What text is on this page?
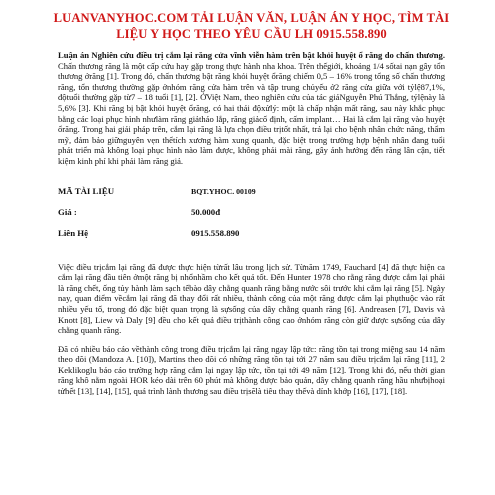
LUANVANYHOC.COM TẢI LUẬN VĂN, LUẬN ÁN Y HỌC, TÌM TÀI
LIỆU Y HỌC THEO YÊU CẦU LH 0915.558.890

Luận án Nghiên cứu điều trị cắm lại răng cửa vĩnh viễn hàm trên bật khỏi huyệt ổ răng do chấn thương. Chấn thương răng là một cấp cứu hay gặp trong thực hành nha khoa. Trên thếgiới, khoảng 1/4 sốtai nạn gây tổn thương ởrăng [1]. Trong đó, chấn thương bật răng khỏi huyệt ổrăng chiếm 0,5 – 16% trong tổng số chấn thương răng, tổn thương thường gặp ởnhóm răng cửa hàm trên và tập trung chủyếu ở2 răng cửa giữa với tỷlệ87,1%, độtuổi thường gặp từ7 – 18 tuổi [1], [2]. ỞViệt Nam, theo nghiên cứu của tác giảNguyễn Phú Thắng, tỷlệnày là 5,6% [3]. Khi răng bị bật khỏi huyệt ổrăng, có hai thái độxửlý: một là chấp nhận mất răng, sau này khắc phục bằng các loại phục hình nhưlàm răng giảtháo lắp, răng giảcố định, cấm implant… Hai là cắm lại răng vào huyệt ổrăng. Trong hai giải pháp trên, cắm lại răng là lựa chọn điều trịtốt nhất, trả lại cho bệnh nhân chức năng, thẩm mỹ, đảm bảo giữnguyên vẹn thểtích xương hàm xung quanh, đặc biệt trong trường hợp bệnh nhân đang tuổi phát triển mà không loại phục hình nào làm được, không phải mài răng, gây ảnh hưởng đến răng lân cận, tiết kiệm kinh phí khi phải làm răng giả.

MÃ TÀI LIỆU	BQT.YHOC. 00109
Giá :	50.000đ
Liên Hệ	0915.558.890

Việc điều trịcắm lại răng đã được thực hiện từrất lâu trong lịch sử. Từnăm 1749, Fauchard [4] đã thực hiện ca cắm lại răng đầu tiên ởmột răng bị nhổnhầm cho kết quả tốt. Đến Hunter 1978 cho rằng răng được cắm lại phải là răng chết, ống tủy hành làm sạch tếbào dây chằng quanh răng bằng nước sôi trước khi cắm lại răng [5]. Ngày nay, quan điểm vềcắm lại răng đã thay đổi rất nhiều, thành công của một răng được cắm lại phụthuộc vào rất nhiều yếu tố, trong đó đặc biệt quan trọng là sựsống của dây chằng quanh răng [6]. Andreasen [7], Davis và Knott [8], Liew và Daly [9] đều cho kết quả điều trịthành công cao ởnhóm răng còn giữ được sựsống của dây chằng quanh răng.

Đã có nhiều báo cáo vềthành công trong điều trịcắm lại răng ngay lập tức: răng tồn tại trong miệng sau 14 năm theo dõi (Mandoza A. [10]), Martins theo dõi có những răng tồn tại tới 27 năm sau điều trịcắm lại răng [11], 2 Keklikoglu báo cáo trường hợp răng cắm lại ngay lập tức, tồn tại tới 49 năm [12]. Trong khi đó, nếu thời gian răng khô nằm ngoài HOR kéo dài trên 60 phút mà không được bảo quản, dây chằng quanh răng hầu nhưbịhoại tửhết [13], [14], [15], quá trình lành thương sau điều trịsẽlà tiêu thay thếvà dính khớp [16], [17], [18].
